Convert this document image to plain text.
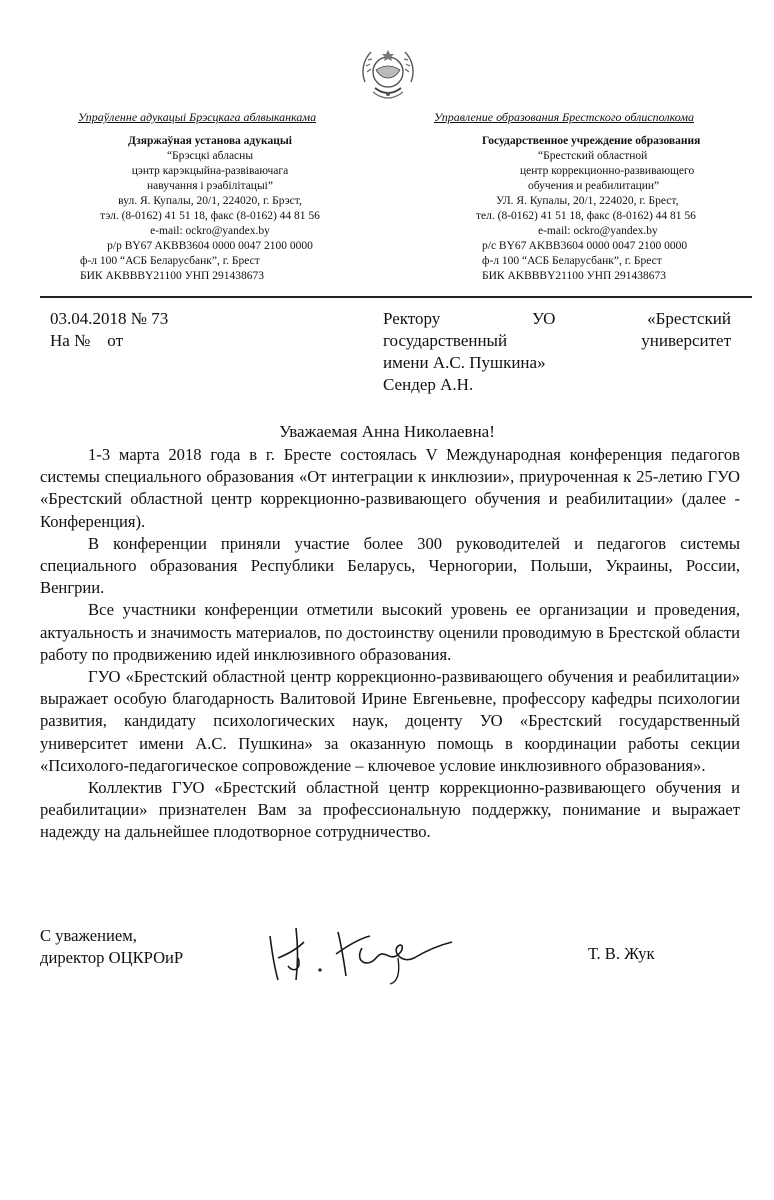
Упраўленне адукацыі Брэсцкага аблвыканкама
Дзяржаўная установа адукацыі
“Брэсцкі абласны
цэнтр карэкцыйна-развіваючага
навучання і рэабілітацыі”
вул. Я. Купалы, 20/1, 224020, г. Брэст,
тэл. (8-0162) 41 51 18, факс (8-0162) 44 81 56
e-mail: ockro@yandex.by
р/р BY67 AKBB3604 0000 0047 2100 0000
ф-л 100 “АСБ Беларусбанк”, г. Брест
БИК AKBBBY21100 УНП 291438673
Управление образования Брестского облисполкома
Государственное учреждение образования
“Брестский областной
центр коррекционно-развивающего
обучения и реабилитации”
УЛ. Я. Купалы, 20/1, 224020, г. Брест,
тел. (8-0162) 41 51 18, факс (8-0162) 44 81 56
e-mail: ockro@yandex.by
р/с BY67 AKBB3604 0000 0047 2100 0000
ф-л 100 “АСБ Беларусбанк”, г. Брест
БИК AKBBBY21100 УНП 291438673
03.04.2018 № 73
На №    от
Ректору	УО	«Брестский
государственный	университет
имени А.С. Пушкина»
Сендер А.Н.
Уважаемая Анна Николаевна!

1-3 марта 2018 года в г. Бресте состоялась V Международная конференция педагогов системы специального образования «От интеграции к инклюзии», приуроченная к 25-летию ГУО «Брестский областной центр коррекционно-развивающего обучения и реабилитации» (далее - Конференция).

В конференции приняли участие более 300 руководителей и педагогов системы специального образования Республики Беларусь, Черногории, Польши, Украины, России, Венгрии.

Все участники конференции отметили высокий уровень ее организации и проведения, актуальность и значимость материалов, по достоинству оценили проводимую в Брестской области работу по продвижению идей инклюзивного образования.

ГУО «Брестский областной центр коррекционно-развивающего обучения и реабилитации» выражает особую благодарность Валитовой Ирине Евгеньевне, профессору кафедры психологии развития, кандидату психологических наук, доценту УО «Брестский государственный университет имени А.С. Пушкина» за оказанную помощь в координации работы секции «Психолого-педагогическое сопровождение – ключевое условие инклюзивного образования».

Коллектив ГУО «Брестский областной центр коррекционно-развивающего обучения и реабилитации» признателен Вам за профессиональную поддержку, понимание и выражает надежду на дальнейшее плодотворное сотрудничество.

С уважением,
директор ОЦКРОиР	Т. В. Жук
